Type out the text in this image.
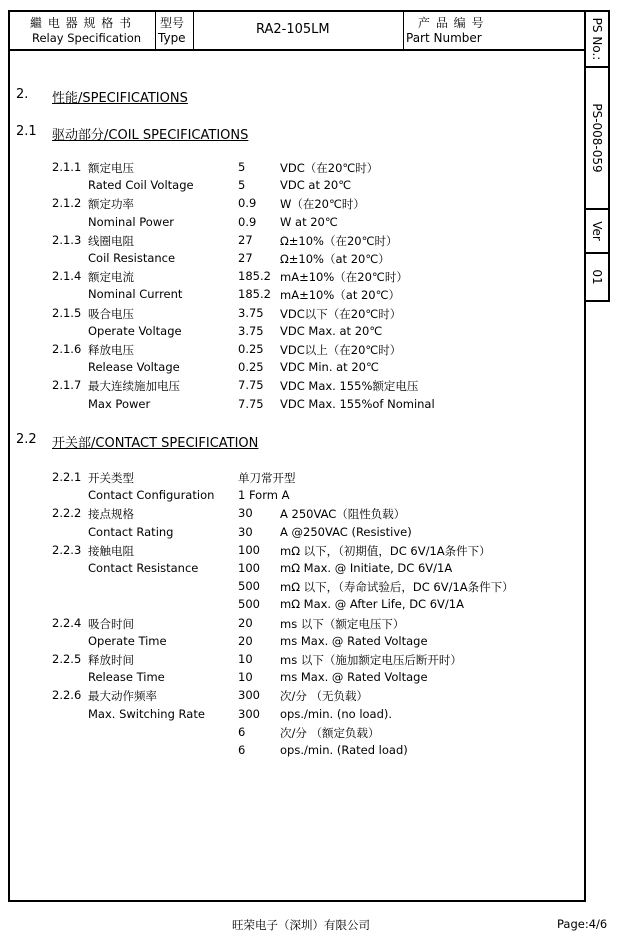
繼 电 器 规 格 书
Relay Specification
型号
Type
RA2-105LM	产 品 编 号
Part Number	PS No.:
PS-008-059
Ver
01
2. 性能/SPECIFICATIONS
2.1 驱动部分/COIL SPECIFICATIONS
2.1.1 额定电压	5	VDC（在20℃时）
Rated Coil Voltage	5	VDC at 20℃
2.1.2 额定功率	0.9 W（在20℃时）
Nominal Power	0.9 W at 20℃
2.1.3 线圈电阻	27 Ω±10%（在20℃时）
Coil Resistance	27 Ω±10%（at 20℃）
2.1.4 额定电流	185.2 mA±10%（在20℃时）
Nominal Current	185.2 mA±10%（at 20℃）
2.1.5 吸合电压	3.75 VDC以下（在20℃时）
Operate Voltage	3.75 VDC Max. at 20℃
2.1.6 释放电压	0.25 VDC以上（在20℃时）
Release Voltage	0.25 VDC Min. at 20℃
2.1.7 最大连续施加电压	7.75 VDC Max. 155%额定电压
Max Power	7.75 VDC Max. 155%of Nominal
2.2 开关部/CONTACT SPECIFICATION
2.2.1 开关类型	单刀常开型
Contact Configuration 1 Form A
2.2.2 接点规格	30 A 250VAC（阻性负载）
Contact Rating	30 A @250VAC (Resistive)
2.2.3 接触电阻	100 mΩ 以下，（初期值，DC 6V/1A条件下）
Contact Resistance	100 mΩ Max. @ Initiate, DC 6V/1A
500 mΩ 以下，（寿命试验后，DC 6V/1A条件下）
500 mΩ Max. @ After Life, DC 6V/1A
2.2.4 吸合时间	20 ms 以下（额定电压下）
Operate Time	20 ms Max. @ Rated Voltage
2.2.5 释放时间	10 ms 以下（施加额定电压后断开时）
Release Time	10 ms Max. @ Rated Voltage
2.2.6 最大动作频率	300 次/分 （无负载）
Max. Switching Rate	300 ops./min. (no load).
6	次/分 （额定负载）
6	ops./min. (Rated load)
旺荣电子（深圳）有限公司	Page:4/6
